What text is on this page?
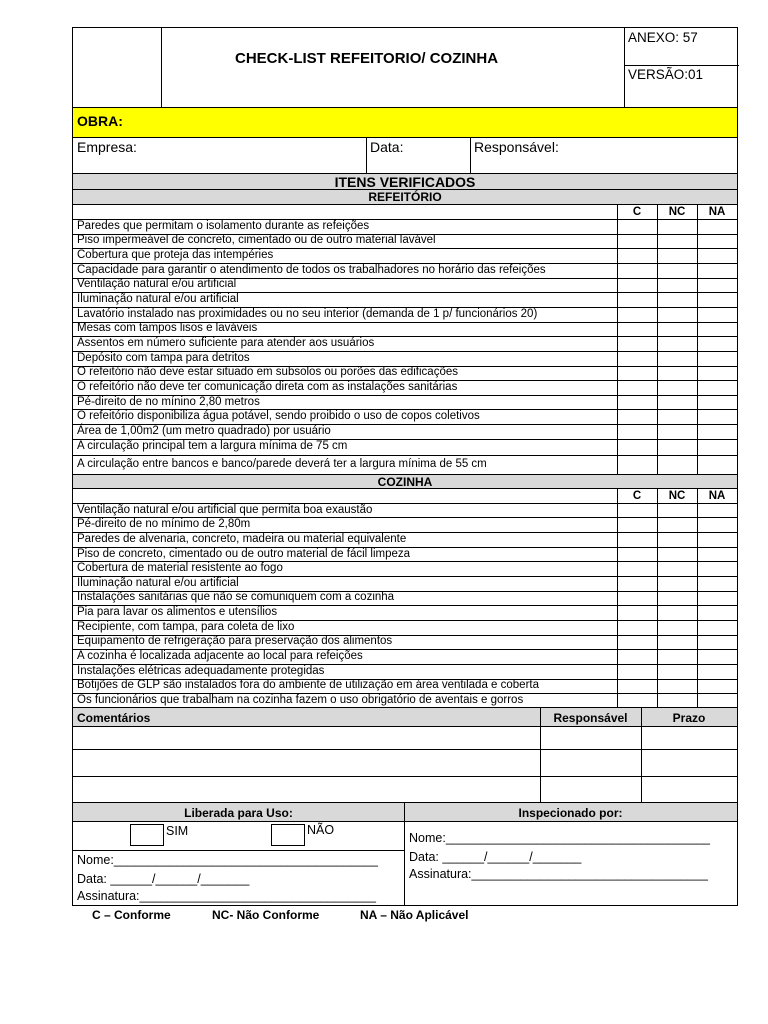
CHECK-LIST REFEITORIO/ COZINHA
ANEXO: 57
VERSÃO:01
OBRA:
Empresa:	Data:	Responsável:
ITENS VERIFICADOS
REFEITÓRIO
C	NC	NA
Paredes que permitam o isolamento durante as refeições
Piso impermeável de concreto, cimentado ou de outro material lavável
Cobertura que proteja das intempéries
Capacidade para garantir o atendimento de todos os trabalhadores no horário das refeições
Ventilação natural e/ou artificial
Iluminação natural e/ou artificial
Lavatório instalado nas proximidades ou no seu interior (demanda de 1 p/ funcionários 20)
Mesas com tampos lisos e laváveis
Assentos em número suficiente para atender aos usuários
Depósito com tampa para detritos
O refeitório não deve estar situado em subsolos ou porões das edificações
O refeitório não deve ter comunicação direta com as instalações sanitárias
Pé-direito de no mínino 2,80 metros
O refeitório disponibiliza água potável, sendo proibido o uso de copos coletivos
Área de 1,00m2 (um metro quadrado) por usuário
A circulação principal tem a largura mínima de 75 cm
A circulação entre bancos e banco/parede deverá ter a largura mínima de 55 cm
COZINHA
C	NC	NA
Ventilação natural e/ou artificial que permita boa exaustão
Pé-direito de no mínimo de 2,80m
Paredes de alvenaria, concreto, madeira ou material equivalente
Piso de concreto, cimentado ou de outro material de fácil limpeza
Cobertura de material resistente ao fogo
Iluminação natural e/ou artificial
Instalações sanitárias que não se comuniquem com a cozinha
Pia para lavar os alimentos e utensílios
Recipiente, com tampa, para coleta de lixo
Equipamento de refrigeração para preservação dos alimentos
A cozinha é localizada adjacente ao local para refeições
Instalações elétricas adequadamente protegidas
Botijões de GLP são instalados fora do ambiente de utilização em área ventilada e coberta
Os funcionários que trabalham na cozinha fazem o uso obrigatório de aventais e gorros
Comentários	Responsável	Prazo
Liberada para Uso:	Inspecionado por:
SIM	NÃO
Nome:______________________________________
Data: ______/______/_______
Assinatura:__________________________________
Nome:______________________________________
Data: ______/______/_______
Assinatura:__________________________________
C – Conforme	NC- Não Conforme	NA – Não Aplicável
